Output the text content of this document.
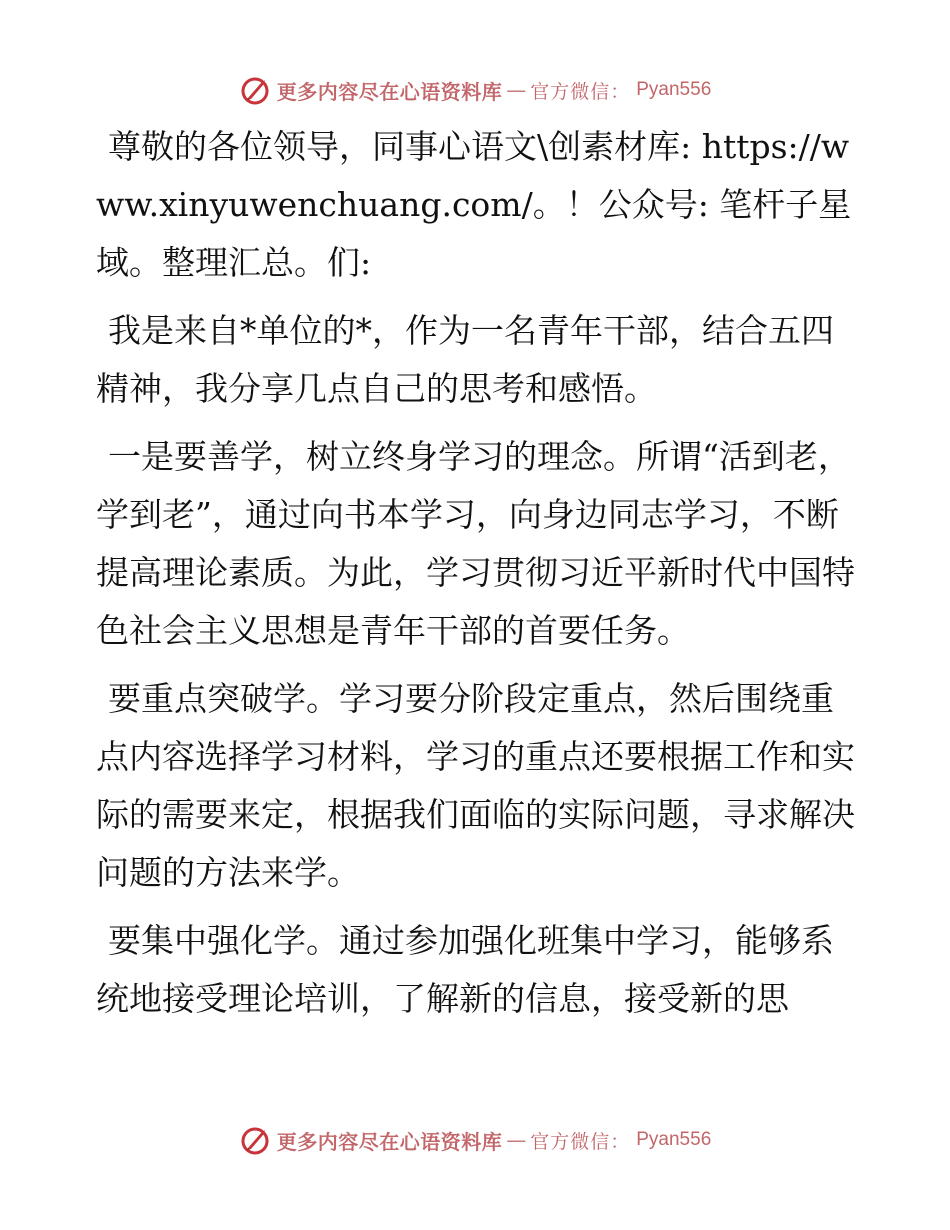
更多内容尽在心语资料库 — 官方微信： Pyan556

尊敬的各位领导，同事心语文\创素材库: https://www.xinyuwenchuang.com/。！公众号: 笔杆子星域。整理汇总。们:

我是来自*单位的*，作为一名青年干部，结合五四精神，我分享几点自己的思考和感悟。

一是要善学，树立终身学习的理念。所谓“活到老，学到老”，通过向书本学习，向身边同志学习，不断提高理论素质。为此，学习贯彻习近平新时代中国特色社会主义思想是青年干部的首要任务。

要重点突破学。学习要分阶段定重点，然后围绕重点内容选择学习材料，学习的重点还要根据工作和实际的需要来定，根据我们面临的实际问题，寻求解决问题的方法来学。

要集中强化学。通过参加强化班集中学习，能够系统地接受理论培训，了解新的信息，接受新的思

更多内容尽在心语资料库 — 官方微信： Pyan556
